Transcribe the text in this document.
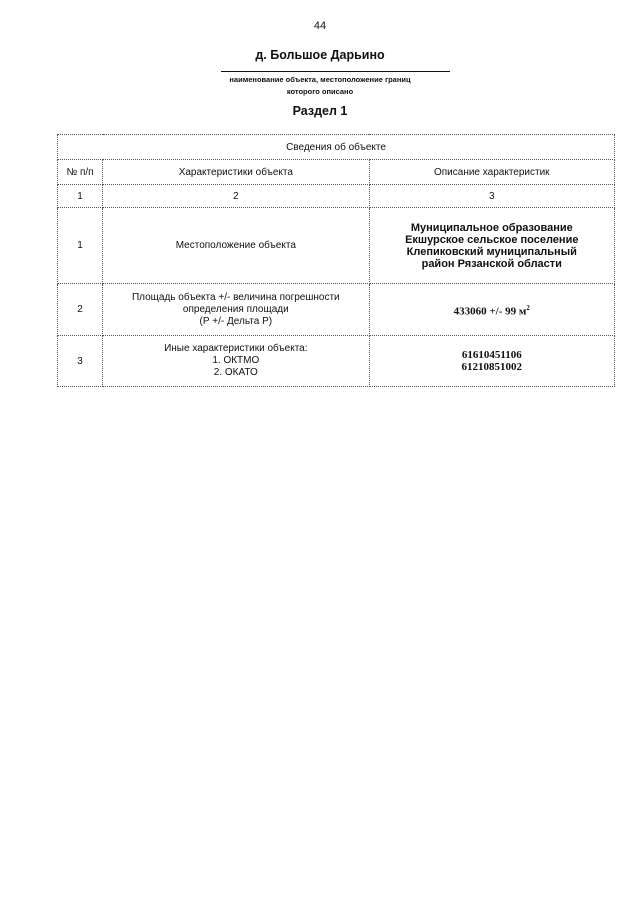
44
д. Большое Дарьино
наименование объекта, местоположение границ
которого описано
Раздел 1
Сведения об объекте		
№ п/п	Характеристики объекта	Описание характеристик
1	2	3
1	Местоположение объекта	Муниципальное образование
Екшурское сельское поселение
Клепиковский муниципальный
район Рязанской области

2	Площадь объекта +/- величина погрешности
определения площади
(Р +/- Дельта Р)	433060 +/- 99 $м^2$
3	Иные характеристики объекта:
1. ОКТМО
2. ОКАТО	61610451106
61210851002
